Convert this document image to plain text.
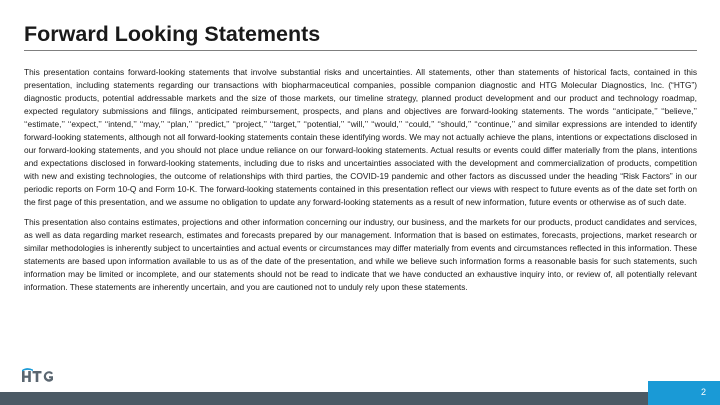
Forward Looking Statements

This presentation contains forward-looking statements that involve substantial risks and uncertainties. All statements, other than statements of historical facts, contained in this presentation, including statements regarding our transactions with biopharmaceutical companies, possible companion diagnostic and HTG Molecular Diagnostics, Inc. (“HTG”) diagnostic products, potential addressable markets and the size of those markets, our timeline strategy, planned product development and our product and technology roadmap, expected regulatory submissions and filings, anticipated reimbursement, prospects, and plans and objectives are forward-looking statements. The words ‘‘anticipate,’’ ‘‘believe,’’ ‘‘estimate,’’ ‘‘expect,’’ ‘‘intend,’’ ‘‘may,’’ ‘‘plan,’’ ‘‘predict,’’ ‘‘project,’’ ‘‘target,’’ ‘‘potential,’’ ‘‘will,’’ ‘‘would,’’ ‘‘could,’’ ‘‘should,’’ ‘‘continue,’’ and similar expressions are intended to identify forward-looking statements, although not all forward-looking statements contain these identifying words. We may not actually achieve the plans, intentions or expectations disclosed in our forward-looking statements, and you should not place undue reliance on our forward-looking statements. Actual results or events could differ materially from the plans, intentions and expectations disclosed in forward-looking statements, including due to risks and uncertainties associated with the development and commercialization of products, competition with new and existing technologies, the outcome of relationships with third parties, the COVID-19 pandemic and other factors as discussed under the heading “Risk Factors” in our periodic reports on Form 10-Q and Form 10-K. The forward-looking statements contained in this presentation reflect our views with respect to future events as of the date set forth on the first page of this presentation, and we assume no obligation to update any forward-looking statements as a result of new information, future events or otherwise as of such date.

This presentation also contains estimates, projections and other information concerning our industry, our business, and the markets for our products, product candidates and services, as well as data regarding market research, estimates and forecasts prepared by our management. Information that is based on estimates, forecasts, projections, market research or similar methodologies is inherently subject to uncertainties and actual events or circumstances may differ materially from events and circumstances reflected in this information. These statements are based upon information available to us as of the date of the presentation, and while we believe such information forms a reasonable basis for such statements, such information may be limited or incomplete, and our statements should not be read to indicate that we have conducted an exhaustive inquiry into, or review of, all potentially relevant information. These statements are inherently uncertain, and you are cautioned not to unduly rely upon these statements.

2
